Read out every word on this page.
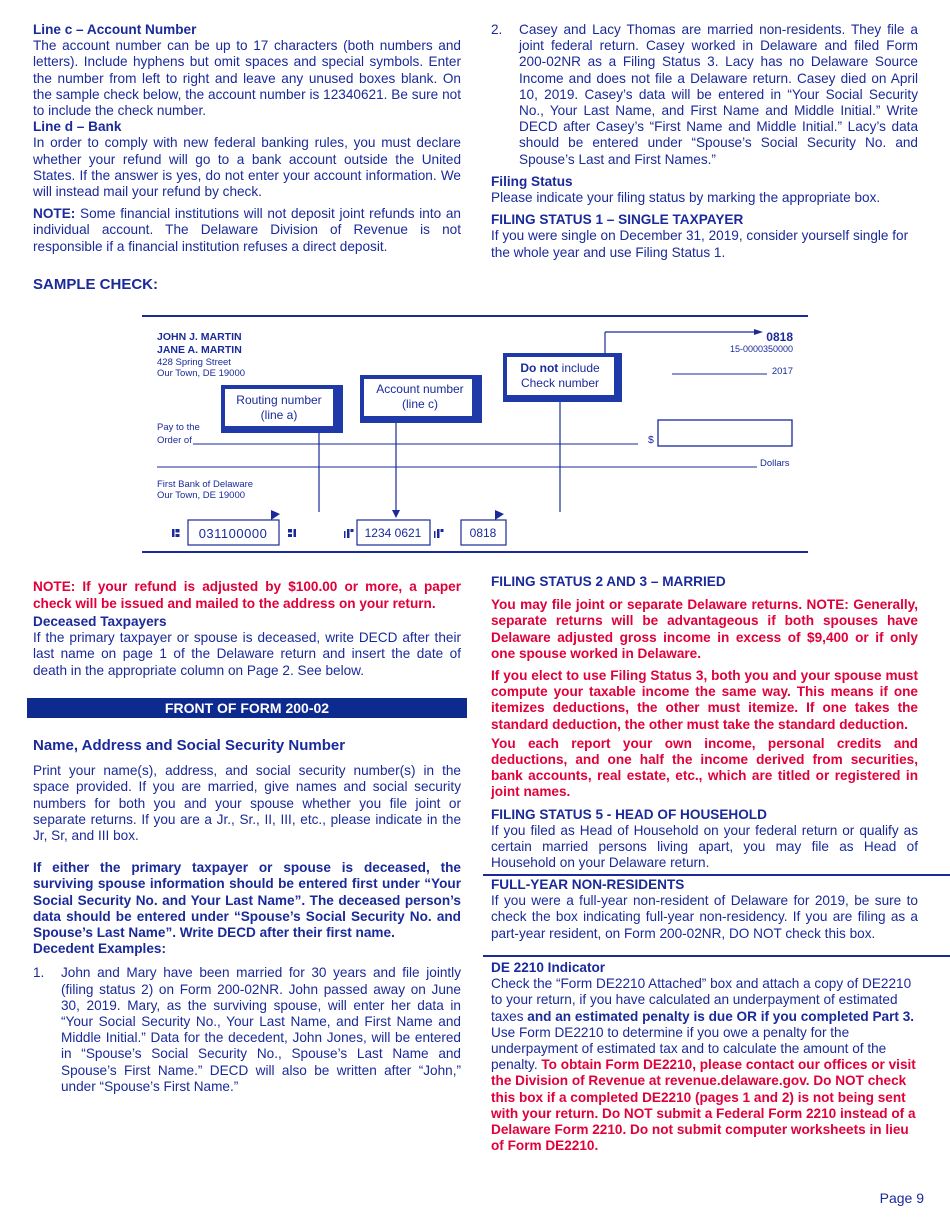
Line c – Account Number

The account number can be up to 17 characters (both numbers and letters). Include hyphens but omit spaces and special symbols. Enter the number from left to right and leave any unused boxes blank. On the sample check below, the account number is 12340621. Be sure not to include the check number.

Line d – Bank

In order to comply with new federal banking rules, you must declare whether your refund will go to a bank account outside the United States. If the answer is yes, do not enter your account information. We will instead mail your refund by check.

NOTE: Some financial institutions will not deposit joint refunds into an individual account. The Delaware Division of Revenue is not responsible if a financial institution refuses a direct deposit.

2.	Casey and Lacy Thomas are married non-residents. They file a joint federal return. Casey worked in Delaware and filed Form 200-02NR as a Filing Status 3. Lacy has no Delaware Source Income and does not file a Delaware return. Casey died on April 10, 2019. Casey’s data will be entered in “Your Social Security No., Your Last Name, and First Name and Middle Initial.” Write DECD after Casey’s “First Name and Middle Initial.” Lacy’s data should be entered under “Spouse’s Social Security No. and Spouse’s Last and First Names.”

Filing Status

Please indicate your filing status by marking the appropriate box.

FILING STATUS 1 – SINGLE TAXPAYER

If you were single on December 31, 2019, consider yourself single for the whole year and use Filing Status 1.

SAMPLE CHECK:
JOHN J. MARTIN
JANE A. MARTIN
428 Spring Street
Our Town, DE 19000
0818
15-0000350000
2017
Pay to the
Order of	$
Dollars
First Bank of Delaware
Our Town, DE 19000
Routing number
(line a)
Account number
(line c)
Do not include
Check number
031100000	1234 0621	0818

NOTE: If your refund is adjusted by $100.00 or more, a paper check will be issued and mailed to the address on your return.

Deceased Taxpayers

If the primary taxpayer or spouse is deceased, write DECD after their last name on page 1 of the Delaware return and insert the date of death in the appropriate column on Page 2. See below.

FRONT OF FORM 200-02

Name, Address and Social Security Number

Print your name(s), address, and social security number(s) in the space provided. If you are married, give names and social security numbers for both you and your spouse whether you file joint or separate returns. If you are a Jr., Sr., II, III, etc., please indicate in the Jr, Sr, and III box.

If either the primary taxpayer or spouse is deceased, the surviving spouse information should be entered first under “Your Social Security No. and Your Last Name”. The deceased person’s data should be entered under “Spouse’s Social Security No. and Spouse’s Last Name”. Write DECD after their first name.

Decedent Examples:

1.	John and Mary have been married for 30 years and file jointly (filing status 2) on Form 200-02NR. John passed away on June 30, 2019. Mary, as the surviving spouse, will enter her data in “Your Social Security No., Your Last Name, and First Name and Middle Initial.” Data for the decedent, John Jones, will be entered in “Spouse’s Social Security No., Spouse’s Last Name and Spouse’s First Name.” DECD will also be written after “John,” under “Spouse’s First Name.”

FILING STATUS 2 AND 3 – MARRIED

You may file joint or separate Delaware returns. NOTE: Generally, separate returns will be advantageous if both spouses have Delaware adjusted gross income in excess of $9,400 or if only one spouse worked in Delaware.

If you elect to use Filing Status 3, both you and your spouse must compute your taxable income the same way. This means if one itemizes deductions, the other must itemize. If one takes the standard deduction, the other must take the standard deduction.

You each report your own income, personal credits and deductions, and one half the income derived from securities, bank accounts, real estate, etc., which are titled or registered in joint names.

FILING STATUS 5 - HEAD OF HOUSEHOLD

If you filed as Head of Household on your federal return or qualify as certain married persons living apart, you may file as Head of Household on your Delaware return.

FULL-YEAR NON-RESIDENTS

If you were a full-year non-resident of Delaware for 2019, be sure to check the box indicating full-year non-residency. If you are filing as a part-year resident, on Form 200-02NR, DO NOT check this box.

DE 2210 Indicator

Check the “Form DE2210 Attached” box and attach a copy of DE2210 to your return, if you have calculated an underpayment of estimated taxes and an estimated penalty is due OR if you completed Part 3. Use Form DE2210 to determine if you owe a penalty for the underpayment of estimated tax and to calculate the amount of the penalty. To obtain Form DE2210, please contact our offices or visit the Division of Revenue at revenue.delaware.gov. Do NOT check this box if a completed DE2210 (pages 1 and 2) is not being sent with your return. Do NOT submit a Federal Form 2210 instead of a Delaware Form 2210. Do not submit computer worksheets in lieu of Form DE2210.

Page 9
